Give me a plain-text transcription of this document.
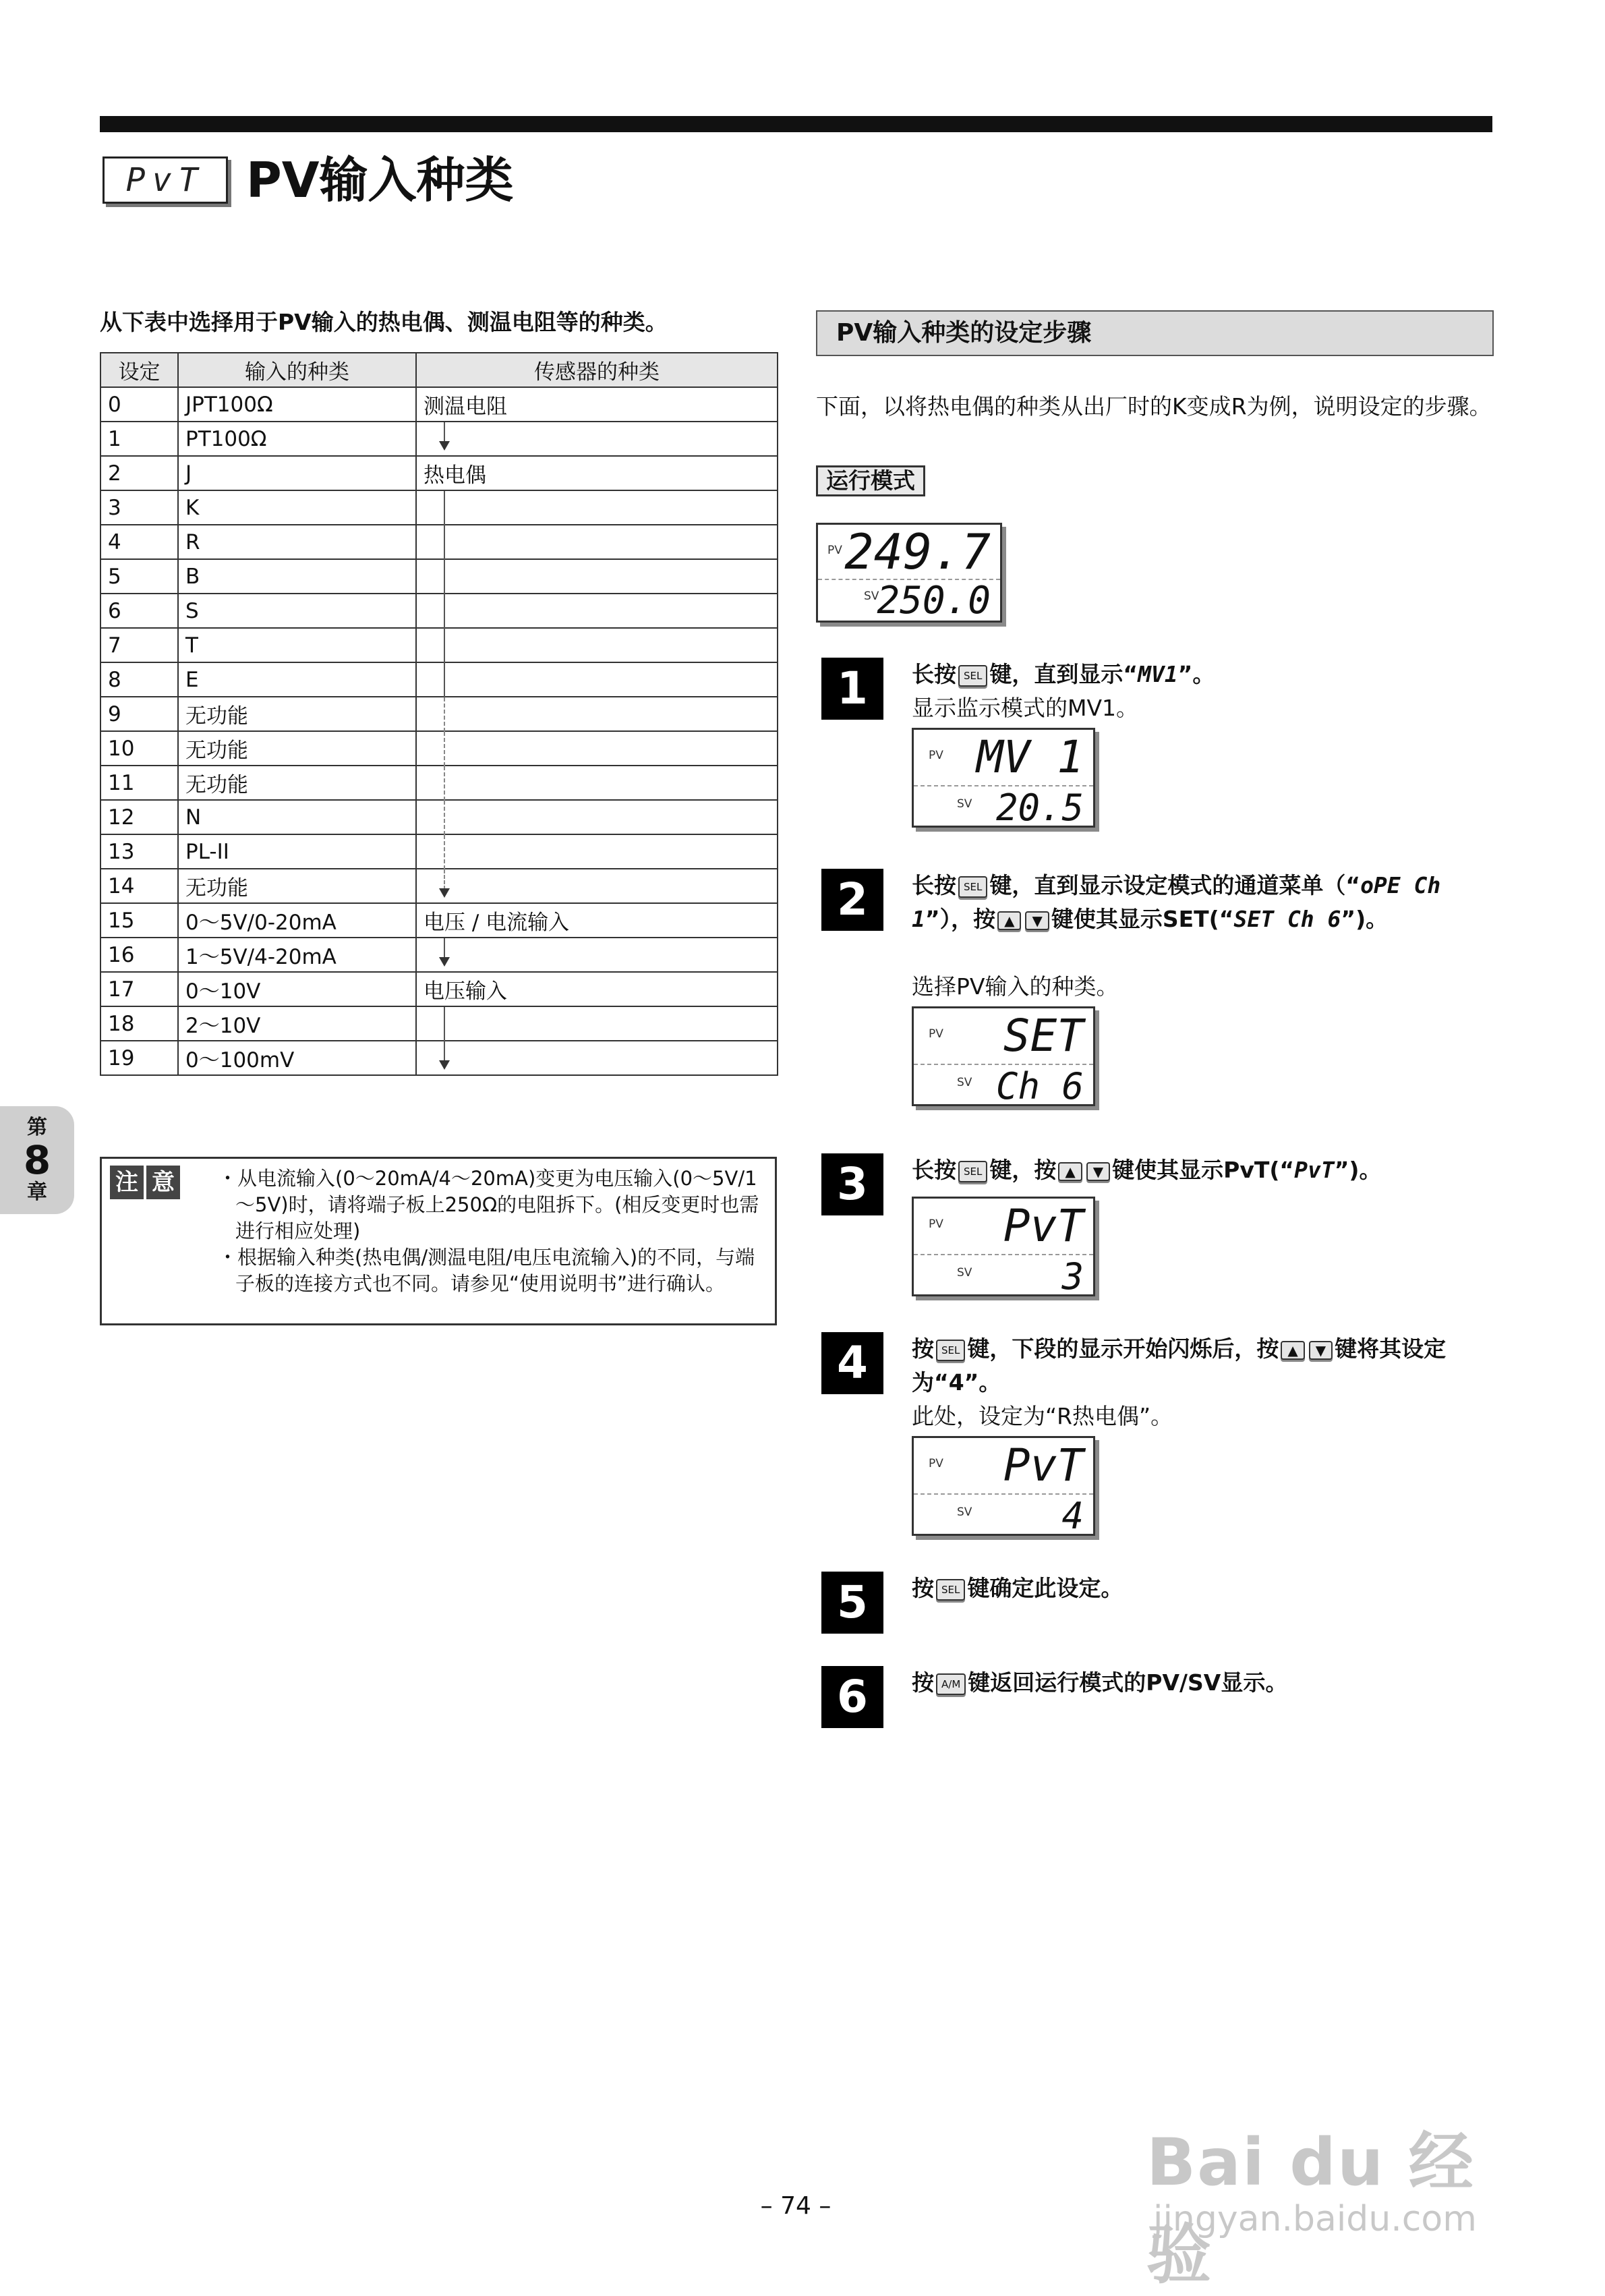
PvT PV输入种类
从下表中选择用于PV输入的热电偶、测温电阻等的种类。
设定	输入的种类	传感器的种类
0	JPT100Ω	测温电阻
1	PT100Ω	

2	J	热电偶
3	K	

4	R	

5	B	

6	S	

7	T	

8	E	

9	无功能	

10	无功能	

11	无功能	

12	N	

13	PL-II	

14	无功能	

15	0～5V/0-20mA	电压 / 电流输入
16	1～5V/4-20mA	

17	0～10V	电压输入
18	2～10V	

19	0～100mV	
注 意 ・从电流输入(0～20mA/4～20mA)变更为电压输入(0～5V/1～5V)时，请将端子板上250Ω的电阻拆下。(相反变更时也需进行相应处理)

・根据输入种类(热电偶/测温电阻/电压电流输入)的不同，与端子板的连接方式也不同。请参见“使用说明书”进行确认。

第
8
章
PV输入种类的设定步骤
下面，以将热电偶的种类从出厂时的K变成R为例，说明设定的步骤。
运行模式
PV 249.7
SV
250.0
1	长按 SEL 键，直到显示“MV1”。
显示监示模式的MV1。
PV MV 1
SV 20.5
2	长按 SEL 键，直到显示设定模式的通道菜单（“oPE Ch 1”），按 ▲ ▼ 键使其显示SET(“SET Ch 6”)。
选择PV输入的种类。
PV SET
SV Ch 6
3	长按 SEL 键，按 ▲ ▼ 键使其显示PvT(“PvT”)。
PV PvT
SV 3
4	按 SEL 键，下段的显示开始闪烁后，按 ▲ ▼ 键将其设定为“4”。
此处，设定为“R热电偶”。
PV PvT
SV 4
5	按 SEL 键确定此设定。
6	按 A/M 键返回运行模式的PV/SV显示。
– 74 –
Bai du 经验
jingyan.baidu.com
